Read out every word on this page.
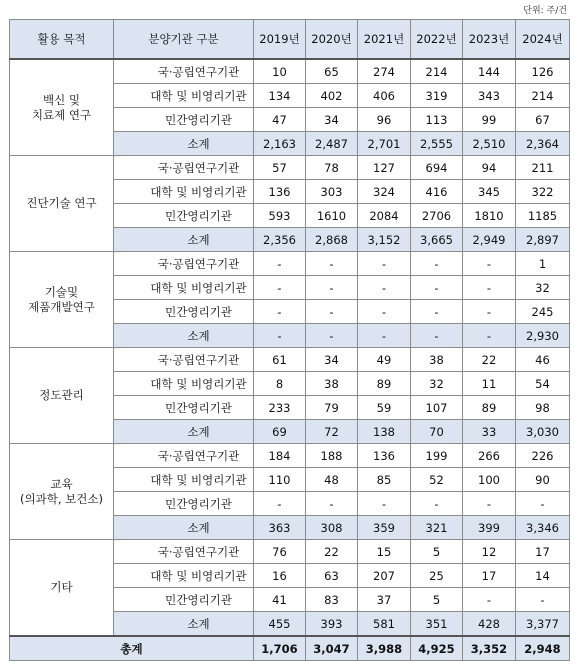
단위: 주/건
활용 목적	분양기관 구분	2019년	2020년	2021년	2022년	2023년	2024년
백신 및
치료제 연구	국·공립연구기관	10	65	274	214	144	126
	대학 및 비영리기관	134	402	406	319	343	214
	민간영리기관	47	34	96	113	99	67
	소계	2,163	2,487	2,701	2,555	2,510	2,364
진단기술 연구	국·공립연구기관	57	78	127	694	94	211
	대학 및 비영리기관	136	303	324	416	345	322
	민간영리기관	593	1610	2084	2706	1810	1185
	소계	2,356	2,868	3,152	3,665	2,949	2,897
기술및
제품개발연구	국·공립연구기관	-	-	-	-	-	1
	대학 및 비영리기관	-	-	-	-	-	32
	민간영리기관	-	-	-	-	-	245
	소계	-	-	-	-	-	2,930
정도관리	국·공립연구기관	61	34	49	38	22	46
	대학 및 비영리기관	8	38	89	32	11	54
	민간영리기관	233	79	59	107	89	98
	소계	69	72	138	70	33	3,030
교육
(의과학, 보건소)	국·공립연구기관	184	188	136	199	266	226
	대학 및 비영리기관	110	48	85	52	100	90
	민간영리기관	-	-	-	-	-	-
	소계	363	308	359	321	399	3,346
기타	국·공립연구기관	76	22	15	5	12	17
	대학 및 비영리기관	16	63	207	25	17	14
	민간영리기관	41	83	37	5	-	-
	소계	455	393	581	351	428	3,377
총계		1,706	3,047	3,988	4,925	3,352	2,948
